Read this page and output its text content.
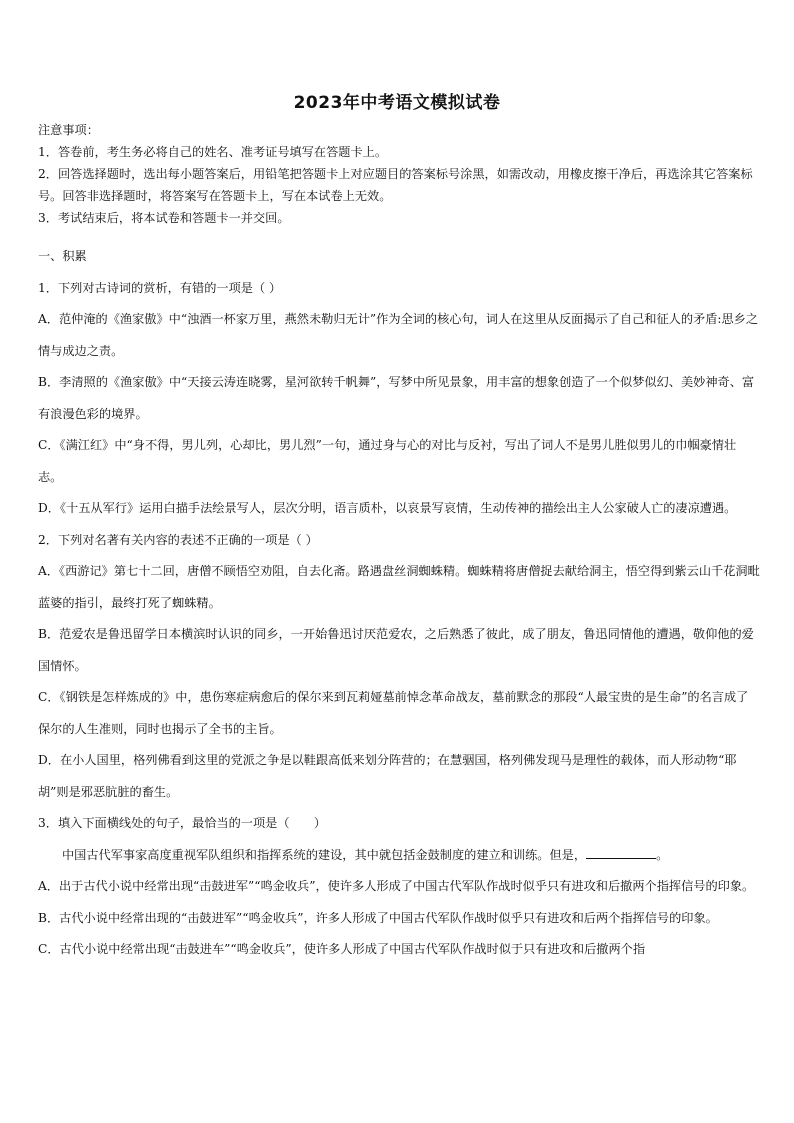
2023年中考语文模拟试卷

注意事项：

1．答卷前，考生务必将自己的姓名、准考证号填写在答题卡上。

2．回答选择题时，选出每小题答案后，用铅笔把答题卡上对应题目的答案标号涂黑，如需改动，用橡皮擦干净后，再选涂其它答案标号。回答非选择题时，将答案写在答题卡上，写在本试卷上无效。

3．考试结束后，将本试卷和答题卡一并交回。

一、积累

1．下列对古诗词的赏析，有错的一项是（ ）

A．范仲淹的《渔家傲》中“浊酒一杯家万里，燕然未勒归无计”作为全词的核心句，词人在这里从反面揭示了自己和征人的矛盾:思乡之情与成边之责。

B．李清照的《渔家傲》中“天接云涛连晓雾，星河欲转千帆舞”，写梦中所见景象，用丰富的想象创造了一个似梦似幻、美妙神奇、富有浪漫色彩的境界。

C．《满江红》中“身不得，男儿列，心却比，男儿烈”一句，通过身与心的对比与反衬，写出了词人不是男儿胜似男儿的巾帼豪情壮志。

D．《十五从军行》运用白描手法绘景写人，层次分明，语言质朴，以哀景写哀情，生动传神的描绘出主人公家破人亡的凄凉遭遇。

2．下列对名著有关内容的表述不正确的一项是（ ）

A．《西游记》第七十二回，唐僧不顾悟空劝阻，自去化斋。路遇盘丝洞蜘蛛精。蜘蛛精将唐僧捉去献给洞主，悟空得到紫云山千花洞毗蓝婆的指引，最终打死了蜘蛛精。

B．范爱农是鲁迅留学日本横滨时认识的同乡，一开始鲁迅讨厌范爱农，之后熟悉了彼此，成了朋友，鲁迅同情他的遭遇，敬仰他的爱国情怀。

C．《钢铁是怎样炼成的》中，患伤寒症病愈后的保尔来到瓦莉娅墓前悼念革命战友，墓前默念的那段“人最宝贵的是生命”的名言成了保尔的人生准则，同时也揭示了全书的主旨。

D．在小人国里，格列佛看到这里的党派之争是以鞋跟高低来划分阵营的；在慧骃国，格列佛发现马是理性的载体，而人形动物“耶胡”则是邪恶肮脏的畜生。

3．填入下面横线处的句子，最恰当的一项是（　　）

中国古代军事家高度重视军队组织和指挥系统的建设，其中就包括金鼓制度的建立和训练。但是，	。

A．出于古代小说中经常出现“击鼓进军”“鸣金收兵”，使许多人形成了中国古代军队作战时似乎只有进攻和后撤两个指挥信号的印象。

B．古代小说中经常出现的“击鼓进军”“鸣金收兵”，许多人形成了中国古代军队作战时似乎只有进攻和后两个指挥信号的印象。

C．古代小说中经常出现“击鼓进车”“鸣金收兵”，使许多人形成了中国古代军队作战时似于只有进攻和后撤两个指
